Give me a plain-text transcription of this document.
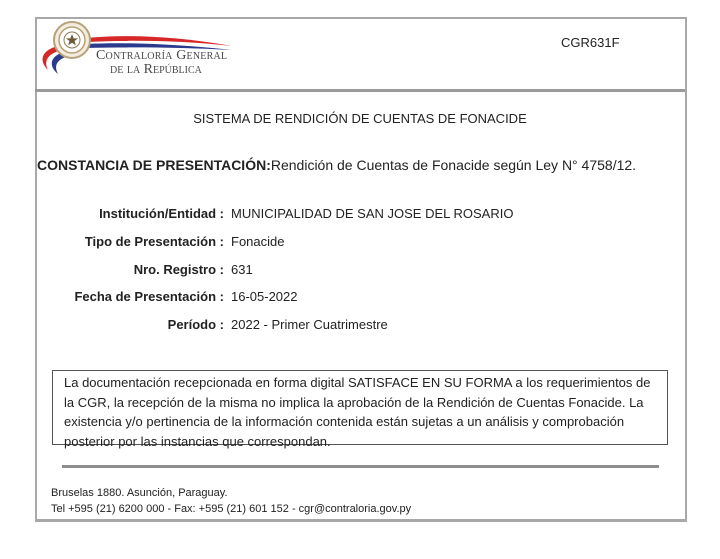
Contraloría General
de la República
CGR631F
SISTEMA DE RENDICIÓN DE CUENTAS DE FONACIDE
CONSTANCIA DE PRESENTACIÓN:Rendición de Cuentas de Fonacide según Ley N° 4758/12.
Institución/Entidad : MUNICIPALIDAD DE SAN JOSE DEL ROSARIO
Tipo de Presentación : Fonacide
Nro. Registro : 631
Fecha de Presentación : 16-05-2022
Período : 2022 - Primer Cuatrimestre
La documentación recepcionada en forma digital SATISFACE EN SU FORMA a los requerimientos de la CGR, la recepción de la misma no implica la aprobación de la Rendición de Cuentas Fonacide. La existencia y/o pertinencia de la información contenida están sujetas a un análisis y comprobación posterior por las instancias que correspondan.
Bruselas 1880. Asunción, Paraguay.
Tel +595 (21) 6200 000 - Fax: +595 (21) 601 152 - cgr@contraloria.gov.py
